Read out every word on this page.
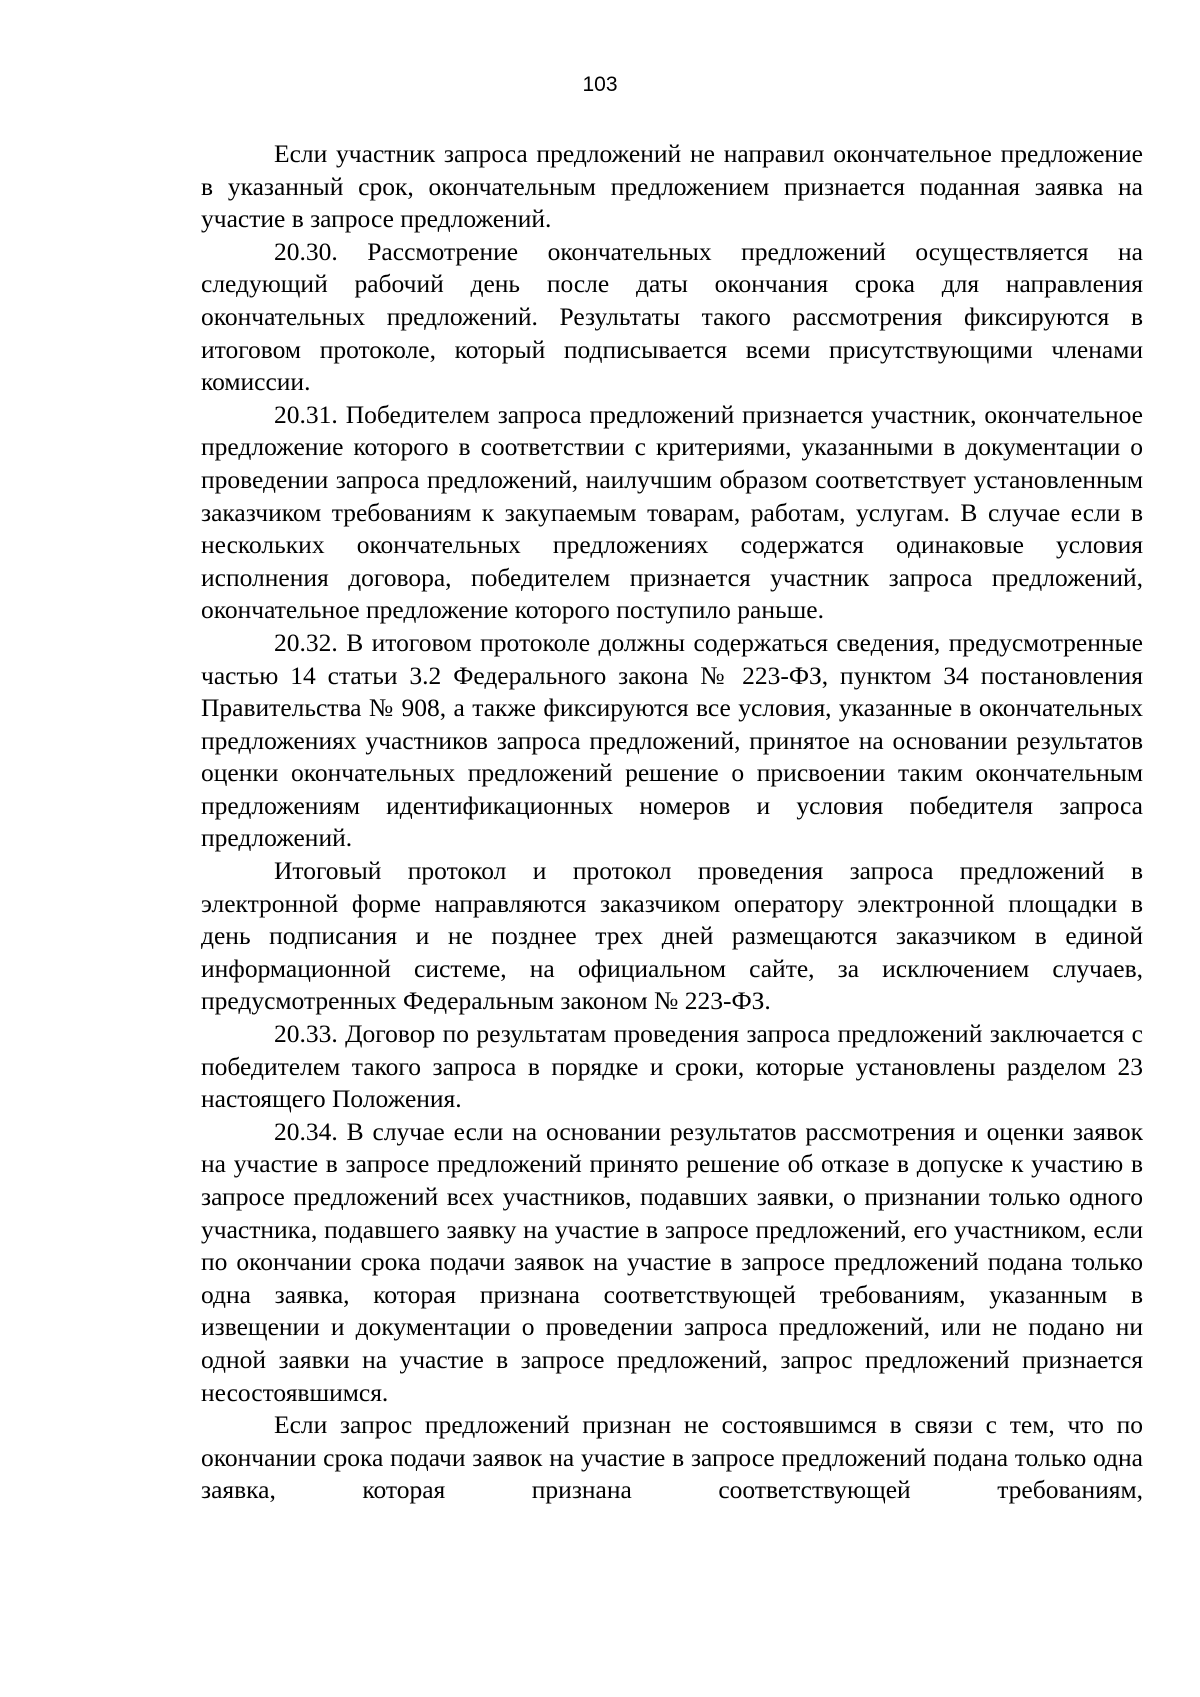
103

Если участник запроса предложений не направил окончательное предложение в указанный срок, окончательным предложением признается поданная заявка на участие в запросе предложений.

20.30. Рассмотрение окончательных предложений осуществляется на следующий рабочий день после даты окончания срока для направления окончательных предложений. Результаты такого рассмотрения фиксируются в итоговом протоколе, который подписывается всеми присутствующими членами комиссии.

20.31. Победителем запроса предложений признается участник, окончательное предложение которого в соответствии с критериями, указанными в документации о проведении запроса предложений, наилучшим образом соответствует установленным заказчиком требованиям к закупаемым товарам, работам, услугам. В случае если в нескольких окончательных предложениях содержатся одинаковые условия исполнения договора, победителем признается участник запроса предложений, окончательное предложение которого поступило раньше.

20.32. В итоговом протоколе должны содержаться сведения, предусмотренные частью 14 статьи 3.2 Федерального закона № 223-ФЗ, пунктом 34 постановления Правительства № 908, а также фиксируются все условия, указанные в окончательных предложениях участников запроса предложений, принятое на основании результатов оценки окончательных предложений решение о присвоении таким окончательным предложениям идентификационных номеров и условия победителя запроса предложений.

Итоговый протокол и протокол проведения запроса предложений в электронной форме направляются заказчиком оператору электронной площадки в день подписания и не позднее трех дней размещаются заказчиком в единой информационной системе, на официальном сайте, за исключением случаев, предусмотренных Федеральным законом № 223-ФЗ.

20.33. Договор по результатам проведения запроса предложений заключается с победителем такого запроса в порядке и сроки, которые установлены разделом 23 настоящего Положения.

20.34. В случае если на основании результатов рассмотрения и оценки заявок на участие в запросе предложений принято решение об отказе в допуске к участию в запросе предложений всех участников, подавших заявки, о признании только одного участника, подавшего заявку на участие в запросе предложений, его участником, если по окончании срока подачи заявок на участие в запросе предложений подана только одна заявка, которая признана соответствующей требованиям, указанным в извещении и документации о проведении запроса предложений, или не подано ни одной заявки на участие в запросе предложений, запрос предложений признается несостоявшимся.

Если запрос предложений признан не состоявшимся в связи с тем, что по окончании срока подачи заявок на участие в запросе предложений подана только одна заявка, которая признана соответствующей требованиям,
